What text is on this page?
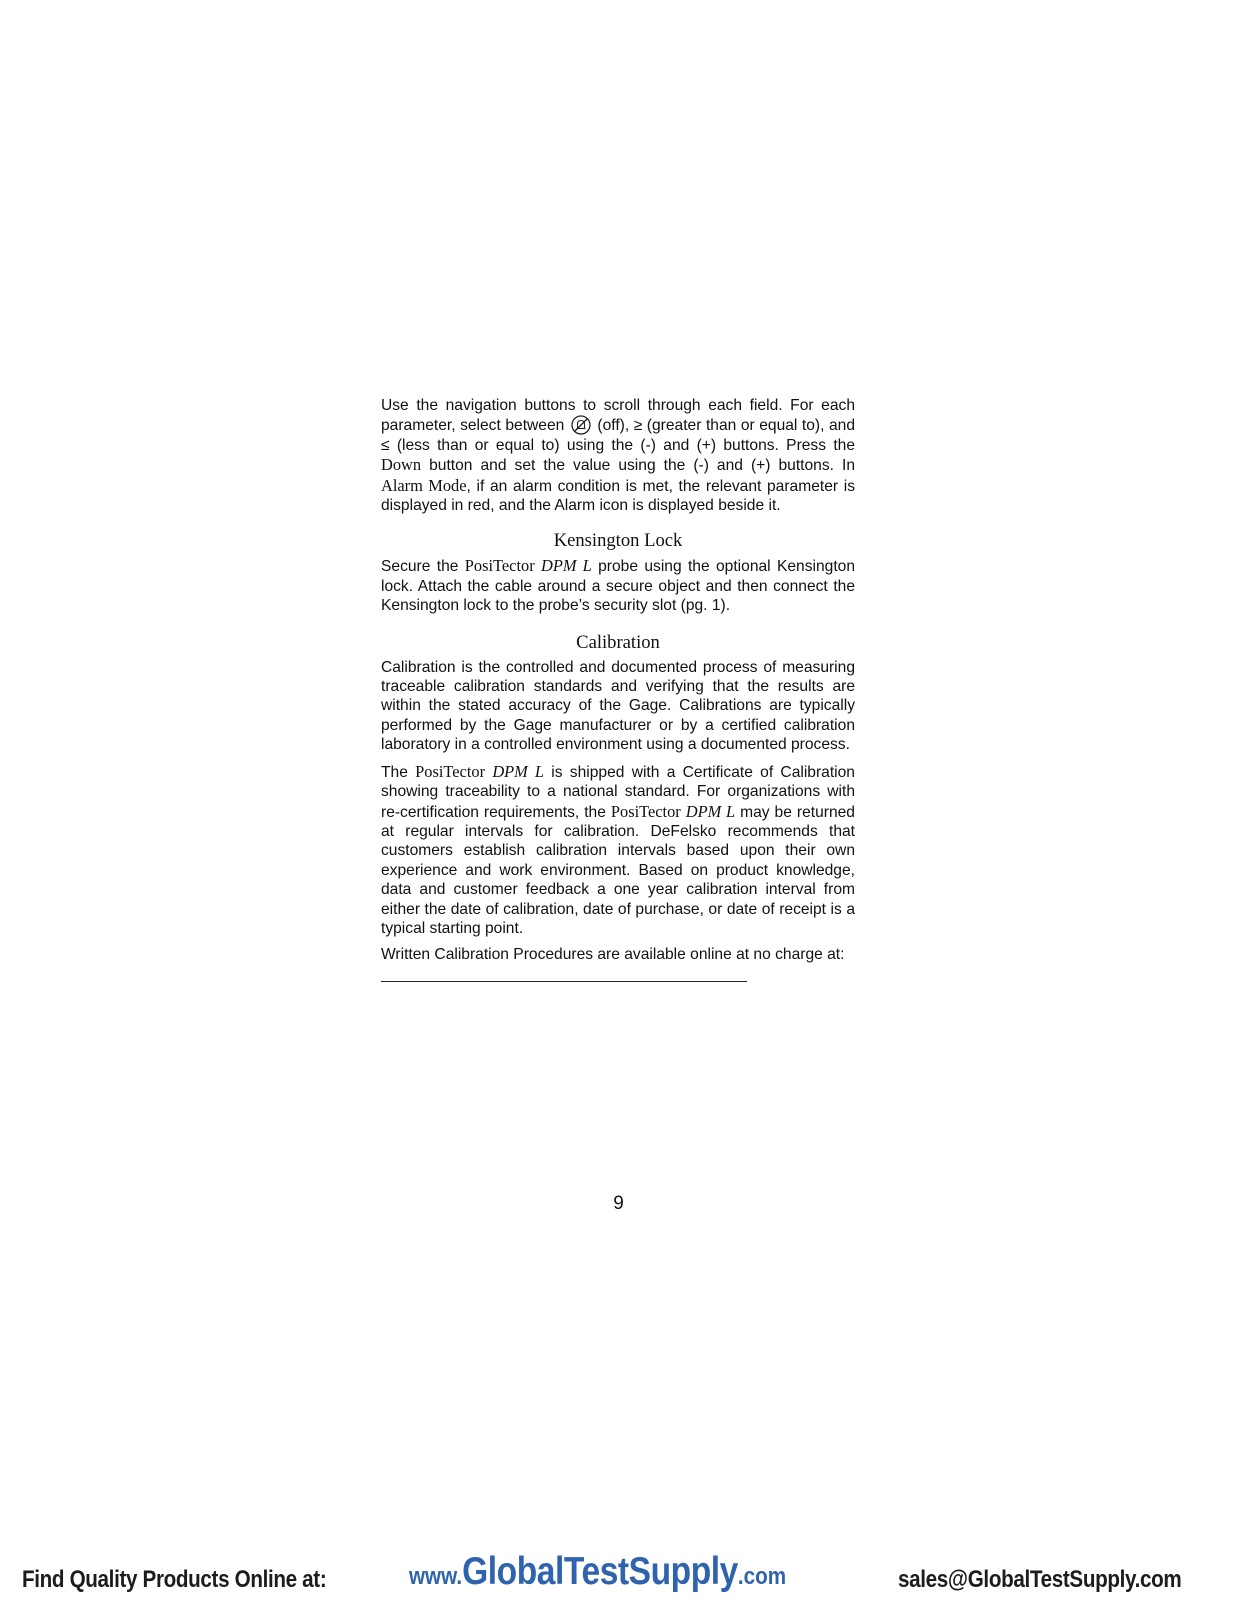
Use the navigation buttons to scroll through each field. For each parameter, select between (off), ≥ (greater than or equal to), and ≤ (less than or equal to) using the (-) and (+) buttons. Press the Down button and set the value using the (-) and (+) buttons. In Alarm Mode, if an alarm condition is met, the relevant parameter is displayed in red, and the Alarm icon is displayed beside it.

Kensington Lock

Secure the PosiTector DPM L probe using the optional Kensington lock. Attach the cable around a secure object and then connect the Kensington lock to the probe’s security slot (pg. 1).

Calibration

Calibration is the controlled and documented process of measuring traceable calibration standards and verifying that the results are within the stated accuracy of the Gage. Calibrations are typically performed by the Gage manufacturer or by a certified calibration laboratory in a controlled environment using a documented process.

The PosiTector DPM L is shipped with a Certificate of Calibration showing traceability to a national standard. For organizations with re-certification requirements, the PosiTector DPM L may be returned at regular intervals for calibration. DeFelsko recommends that customers establish calibration intervals based upon their own experience and work environment. Based on product knowledge, data and customer feedback a one year calibration interval from either the date of calibration, date of purchase, or date of receipt is a typical starting point.

Written Calibration Procedures are available online at no charge at:

9
Find Quality Products Online at:	www.GlobalTestSupply.com	sales@GlobalTestSupply.com
